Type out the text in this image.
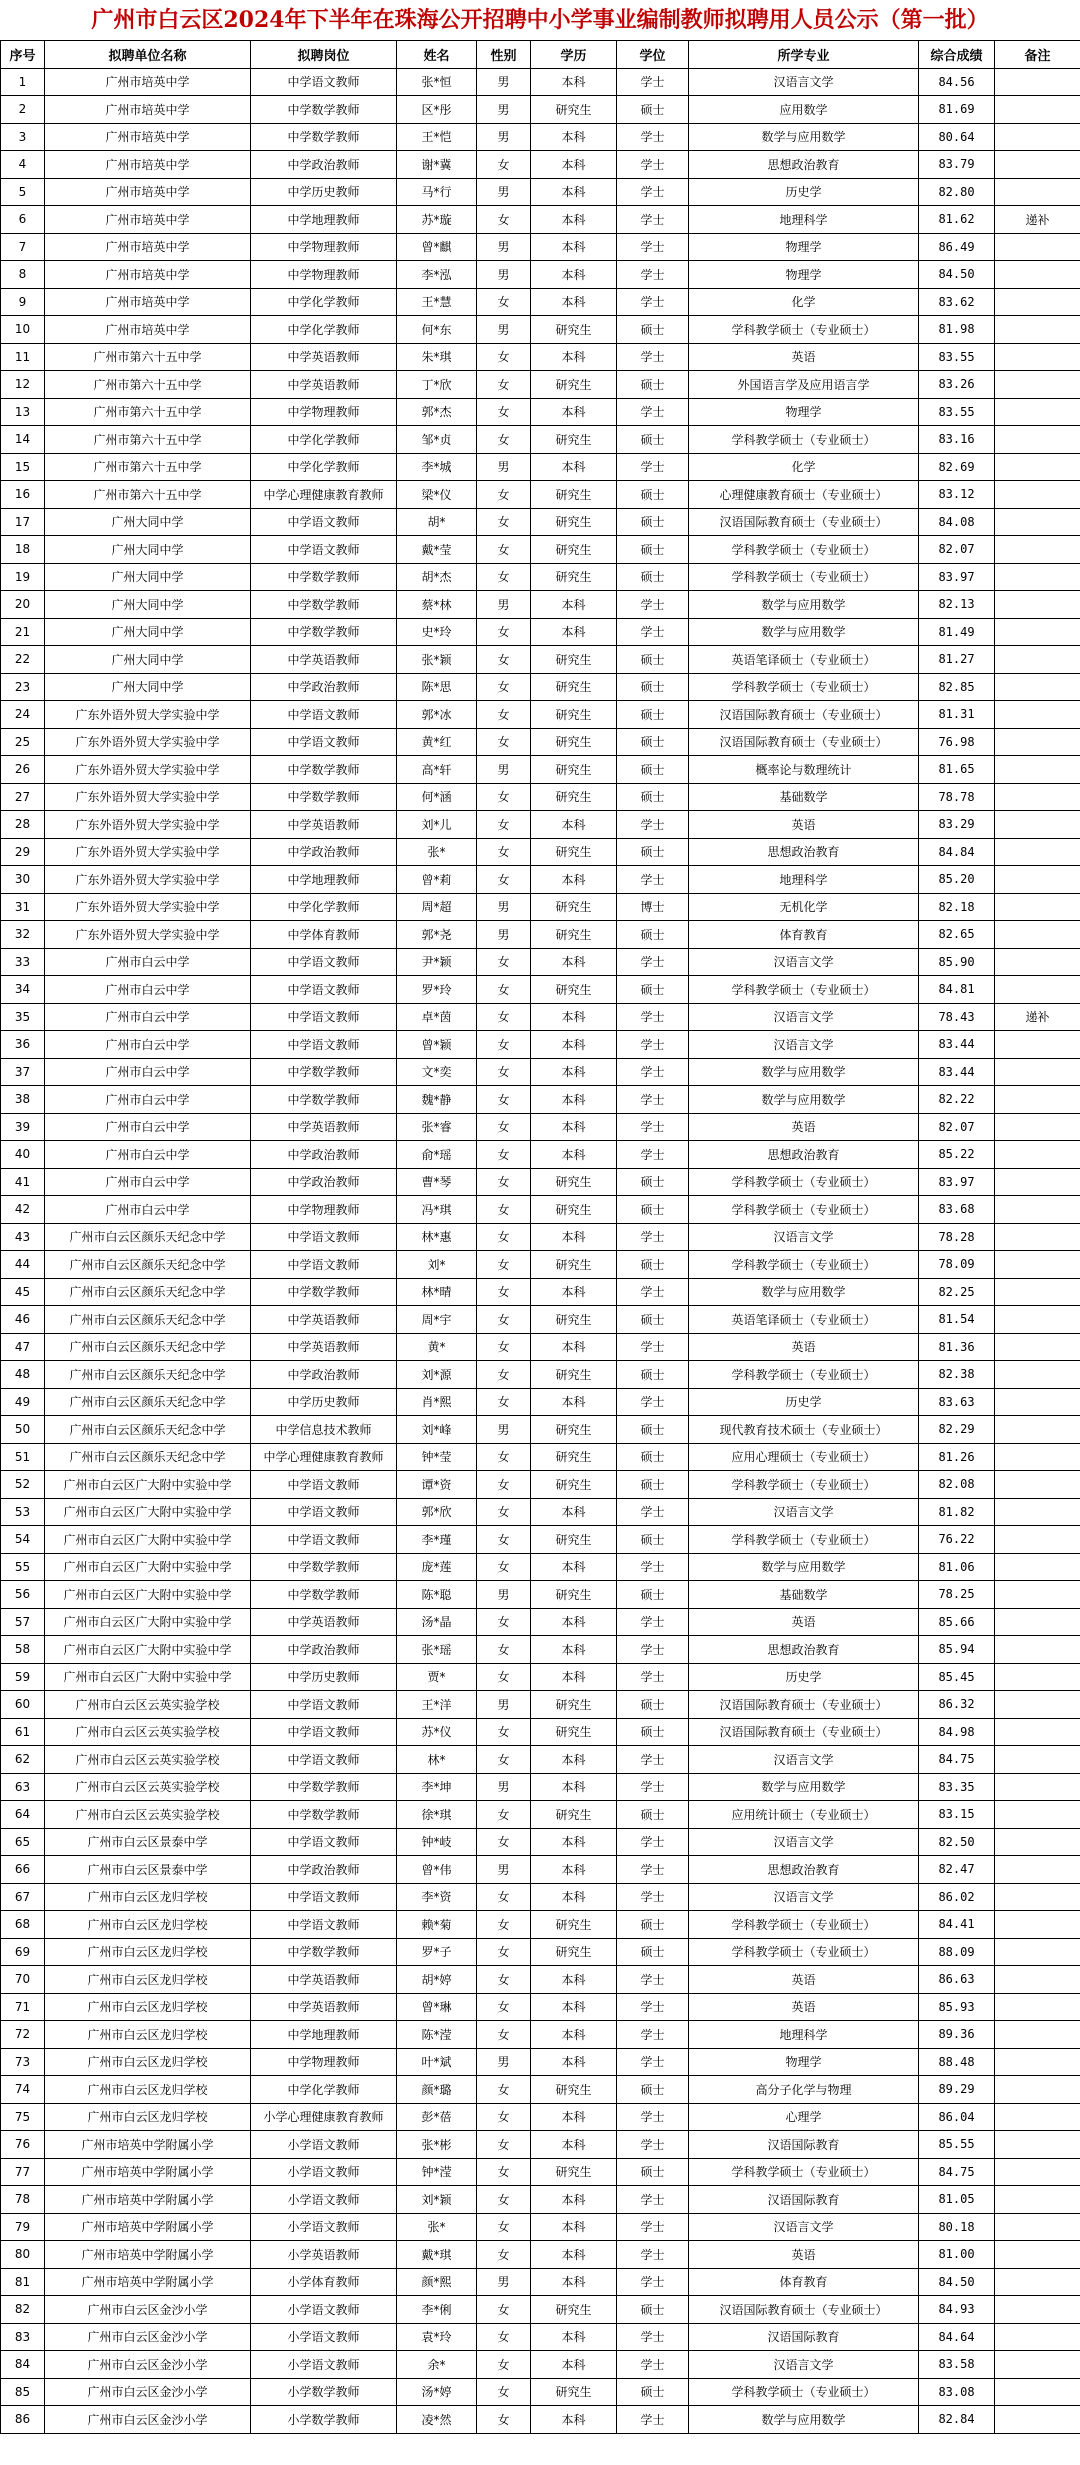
广州市白云区2024年下半年在珠海公开招聘中小学事业编制教师拟聘用人员公示（第一批）
序号	拟聘单位名称	拟聘岗位	姓名	性别	学历	学位	所学专业	综合成绩	备注
1	广州市培英中学	中学语文教师	张*恒	男	本科	学士	汉语言文学	84.56	
2	广州市培英中学	中学数学教师	区*彤	男	研究生	硕士	应用数学	81.69	
3	广州市培英中学	中学数学教师	王*恺	男	本科	学士	数学与应用数学	80.64	
4	广州市培英中学	中学政治教师	谢*冀	女	本科	学士	思想政治教育	83.79	
5	广州市培英中学	中学历史教师	马*行	男	本科	学士	历史学	82.80	
6	广州市培英中学	中学地理教师	苏*璇	女	本科	学士	地理科学	81.62	递补
7	广州市培英中学	中学物理教师	曾*麒	男	本科	学士	物理学	86.49	
8	广州市培英中学	中学物理教师	李*泓	男	本科	学士	物理学	84.50	
9	广州市培英中学	中学化学教师	王*慧	女	本科	学士	化学	83.62	
10	广州市培英中学	中学化学教师	何*东	男	研究生	硕士	学科教学硕士（专业硕士）	81.98	
11	广州市第六十五中学	中学英语教师	朱*琪	女	本科	学士	英语	83.55	
12	广州市第六十五中学	中学英语教师	丁*欣	女	研究生	硕士	外国语言学及应用语言学	83.26	
13	广州市第六十五中学	中学物理教师	郭*杰	女	本科	学士	物理学	83.55	
14	广州市第六十五中学	中学化学教师	邹*贞	女	研究生	硕士	学科教学硕士（专业硕士）	83.16	
15	广州市第六十五中学	中学化学教师	李*城	男	本科	学士	化学	82.69	
16	广州市第六十五中学	中学心理健康教育教师	梁*仪	女	研究生	硕士	心理健康教育硕士（专业硕士）	83.12	
17	广州大同中学	中学语文教师	胡*	女	研究生	硕士	汉语国际教育硕士（专业硕士）	84.08	
18	广州大同中学	中学语文教师	戴*莹	女	研究生	硕士	学科教学硕士（专业硕士）	82.07	
19	广州大同中学	中学数学教师	胡*杰	女	研究生	硕士	学科教学硕士（专业硕士）	83.97	
20	广州大同中学	中学数学教师	蔡*林	男	本科	学士	数学与应用数学	82.13	
21	广州大同中学	中学数学教师	史*玲	女	本科	学士	数学与应用数学	81.49	
22	广州大同中学	中学英语教师	张*颖	女	研究生	硕士	英语笔译硕士（专业硕士）	81.27	
23	广州大同中学	中学政治教师	陈*思	女	研究生	硕士	学科教学硕士（专业硕士）	82.85	
24	广东外语外贸大学实验中学	中学语文教师	郭*冰	女	研究生	硕士	汉语国际教育硕士（专业硕士）	81.31	
25	广东外语外贸大学实验中学	中学语文教师	黄*红	女	研究生	硕士	汉语国际教育硕士（专业硕士）	76.98	
26	广东外语外贸大学实验中学	中学数学教师	高*轩	男	研究生	硕士	概率论与数理统计	81.65	
27	广东外语外贸大学实验中学	中学数学教师	何*涵	女	研究生	硕士	基础数学	78.78	
28	广东外语外贸大学实验中学	中学英语教师	刘*儿	女	本科	学士	英语	83.29	
29	广东外语外贸大学实验中学	中学政治教师	张*	女	研究生	硕士	思想政治教育	84.84	
30	广东外语外贸大学实验中学	中学地理教师	曾*莉	女	本科	学士	地理科学	85.20	
31	广东外语外贸大学实验中学	中学化学教师	周*超	男	研究生	博士	无机化学	82.18	
32	广东外语外贸大学实验中学	中学体育教师	郭*尧	男	研究生	硕士	体育教育	82.65	
33	广州市白云中学	中学语文教师	尹*颖	女	本科	学士	汉语言文学	85.90	
34	广州市白云中学	中学语文教师	罗*玲	女	研究生	硕士	学科教学硕士（专业硕士）	84.81	
35	广州市白云中学	中学语文教师	卓*茵	女	本科	学士	汉语言文学	78.43	递补
36	广州市白云中学	中学语文教师	曾*颖	女	本科	学士	汉语言文学	83.44	
37	广州市白云中学	中学数学教师	文*奕	女	本科	学士	数学与应用数学	83.44	
38	广州市白云中学	中学数学教师	魏*静	女	本科	学士	数学与应用数学	82.22	
39	广州市白云中学	中学英语教师	张*睿	女	本科	学士	英语	82.07	
40	广州市白云中学	中学政治教师	俞*瑶	女	本科	学士	思想政治教育	85.22	
41	广州市白云中学	中学政治教师	曹*琴	女	研究生	硕士	学科教学硕士（专业硕士）	83.97	
42	广州市白云中学	中学物理教师	冯*琪	女	研究生	硕士	学科教学硕士（专业硕士）	83.68	
43	广州市白云区颜乐天纪念中学	中学语文教师	林*惠	女	本科	学士	汉语言文学	78.28	
44	广州市白云区颜乐天纪念中学	中学语文教师	刘*	女	研究生	硕士	学科教学硕士（专业硕士）	78.09	
45	广州市白云区颜乐天纪念中学	中学数学教师	林*晴	女	本科	学士	数学与应用数学	82.25	
46	广州市白云区颜乐天纪念中学	中学英语教师	周*宇	女	研究生	硕士	英语笔译硕士（专业硕士）	81.54	
47	广州市白云区颜乐天纪念中学	中学英语教师	黄*	女	本科	学士	英语	81.36	
48	广州市白云区颜乐天纪念中学	中学政治教师	刘*源	女	研究生	硕士	学科教学硕士（专业硕士）	82.38	
49	广州市白云区颜乐天纪念中学	中学历史教师	肖*熙	女	本科	学士	历史学	83.63	
50	广州市白云区颜乐天纪念中学	中学信息技术教师	刘*峰	男	研究生	硕士	现代教育技术硕士（专业硕士）	82.29	
51	广州市白云区颜乐天纪念中学	中学心理健康教育教师	钟*莹	女	研究生	硕士	应用心理硕士（专业硕士）	81.26	
52	广州市白云区广大附中实验中学	中学语文教师	谭*资	女	研究生	硕士	学科教学硕士（专业硕士）	82.08	
53	广州市白云区广大附中实验中学	中学语文教师	郭*欣	女	本科	学士	汉语言文学	81.82	
54	广州市白云区广大附中实验中学	中学语文教师	李*瑾	女	研究生	硕士	学科教学硕士（专业硕士）	76.22	
55	广州市白云区广大附中实验中学	中学数学教师	庞*莲	女	本科	学士	数学与应用数学	81.06	
56	广州市白云区广大附中实验中学	中学数学教师	陈*聪	男	研究生	硕士	基础数学	78.25	
57	广州市白云区广大附中实验中学	中学英语教师	汤*晶	女	本科	学士	英语	85.66	
58	广州市白云区广大附中实验中学	中学政治教师	张*瑶	女	本科	学士	思想政治教育	85.94	
59	广州市白云区广大附中实验中学	中学历史教师	贾*	女	本科	学士	历史学	85.45	
60	广州市白云区云英实验学校	中学语文教师	王*洋	男	研究生	硕士	汉语国际教育硕士（专业硕士）	86.32	
61	广州市白云区云英实验学校	中学语文教师	苏*仪	女	研究生	硕士	汉语国际教育硕士（专业硕士）	84.98	
62	广州市白云区云英实验学校	中学语文教师	林*	女	本科	学士	汉语言文学	84.75	
63	广州市白云区云英实验学校	中学数学教师	李*坤	男	本科	学士	数学与应用数学	83.35	
64	广州市白云区云英实验学校	中学数学教师	徐*琪	女	研究生	硕士	应用统计硕士（专业硕士）	83.15	
65	广州市白云区景泰中学	中学语文教师	钟*岐	女	本科	学士	汉语言文学	82.50	
66	广州市白云区景泰中学	中学政治教师	曾*伟	男	本科	学士	思想政治教育	82.47	
67	广州市白云区龙归学校	中学语文教师	李*资	女	本科	学士	汉语言文学	86.02	
68	广州市白云区龙归学校	中学语文教师	赖*菊	女	研究生	硕士	学科教学硕士（专业硕士）	84.41	
69	广州市白云区龙归学校	中学数学教师	罗*子	女	研究生	硕士	学科教学硕士（专业硕士）	88.09	
70	广州市白云区龙归学校	中学英语教师	胡*婷	女	本科	学士	英语	86.63	
71	广州市白云区龙归学校	中学英语教师	曾*琳	女	本科	学士	英语	85.93	
72	广州市白云区龙归学校	中学地理教师	陈*滢	女	本科	学士	地理科学	89.36	
73	广州市白云区龙归学校	中学物理教师	叶*斌	男	本科	学士	物理学	88.48	
74	广州市白云区龙归学校	中学化学教师	颜*璐	女	研究生	硕士	高分子化学与物理	89.29	
75	广州市白云区龙归学校	小学心理健康教育教师	彭*蓓	女	本科	学士	心理学	86.04	
76	广州市培英中学附属小学	小学语文教师	张*彬	女	本科	学士	汉语国际教育	85.55	
77	广州市培英中学附属小学	小学语文教师	钟*滢	女	研究生	硕士	学科教学硕士（专业硕士）	84.75	
78	广州市培英中学附属小学	小学语文教师	刘*颖	女	本科	学士	汉语国际教育	81.05	
79	广州市培英中学附属小学	小学语文教师	张*	女	本科	学士	汉语言文学	80.18	
80	广州市培英中学附属小学	小学英语教师	戴*琪	女	本科	学士	英语	81.00	
81	广州市培英中学附属小学	小学体育教师	颜*熙	男	本科	学士	体育教育	84.50	
82	广州市白云区金沙小学	小学语文教师	李*俐	女	研究生	硕士	汉语国际教育硕士（专业硕士）	84.93	
83	广州市白云区金沙小学	小学语文教师	袁*玲	女	本科	学士	汉语国际教育	84.64	
84	广州市白云区金沙小学	小学语文教师	余*	女	本科	学士	汉语言文学	83.58	
85	广州市白云区金沙小学	小学数学教师	汤*婷	女	研究生	硕士	学科教学硕士（专业硕士）	83.08	
86	广州市白云区金沙小学	小学数学教师	凌*然	女	本科	学士	数学与应用数学	82.84	
